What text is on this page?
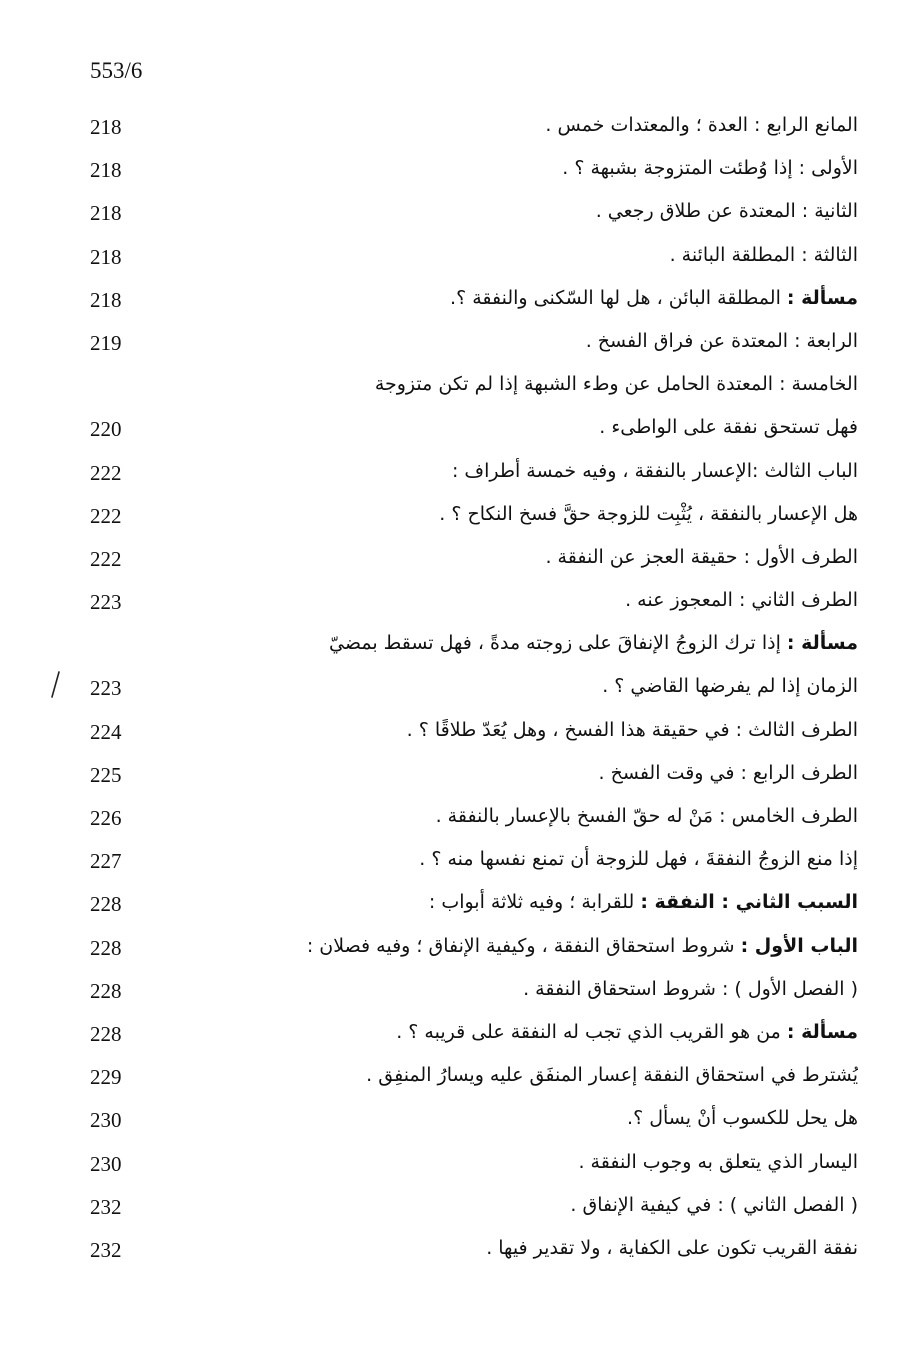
553/6
218	المانع الرابع : العدة ؛ والمعتدات خمس .
218	الأولى : إذا وُطئت المتزوجة بشبهة ؟ .
218	الثانية : المعتدة عن طلاق رجعي .
218	الثالثة : المطلقة البائنة .
218	مسألة : المطلقة البائن ، هل لها السّكنى والنفقة ؟.
219	الرابعة : المعتدة عن فراق الفسخ .
الخامسة : المعتدة الحامل عن وطء الشبهة إذا لم تكن متزوجة
220	فهل تستحق نفقة على الواطىء .
222	الباب الثالث :الإعسار بالنفقة ، وفيه خمسة أطراف :
222	هل الإعسار بالنفقة ، يُثْبِت للزوجة حقَّ فسخ النكاح ؟ .
222	الطرف الأول : حقيقة العجز عن النفقة .
223	الطرف الثاني : المعجوز عنه .
مسألة : إذا ترك الزوجُ الإنفاقَ على زوجته مدةً ، فهل تسقط بمضيّ
223	الزمان إذا لم يفرضها القاضي ؟ .
224	الطرف الثالث : في حقيقة هذا الفسخ ، وهل يُعَدّ طلاقًا ؟ .
225	الطرف الرابع : في وقت الفسخ .
226	الطرف الخامس : مَنْ له حقّ الفسخ بالإعسار بالنفقة .
227	إذا منع الزوجُ النفقةَ ، فهل للزوجة أن تمنع نفسها منه ؟ .
228	السبب الثاني : النفقة : للقرابة ؛ وفيه ثلاثة أبواب :
228	الباب الأول : شروط استحقاق النفقة ، وكيفية الإنفاق ؛ وفيه فصلان :
228	( الفصل الأول ) : شروط استحقاق النفقة .
228	مسألة : من هو القريب الذي تجب له النفقة على قريبه ؟ .
229	يُشترط في استحقاق النفقة إعسار المنفَق عليه ويسارُ المنفِق .
230	هل يحل للكسوب أنْ يسأل ؟.
230	اليسار الذي يتعلق به وجوب النفقة .
232	( الفصل الثاني ) : في كيفية الإنفاق .
232	نفقة القريب تكون على الكفاية ، ولا تقدير فيها .
